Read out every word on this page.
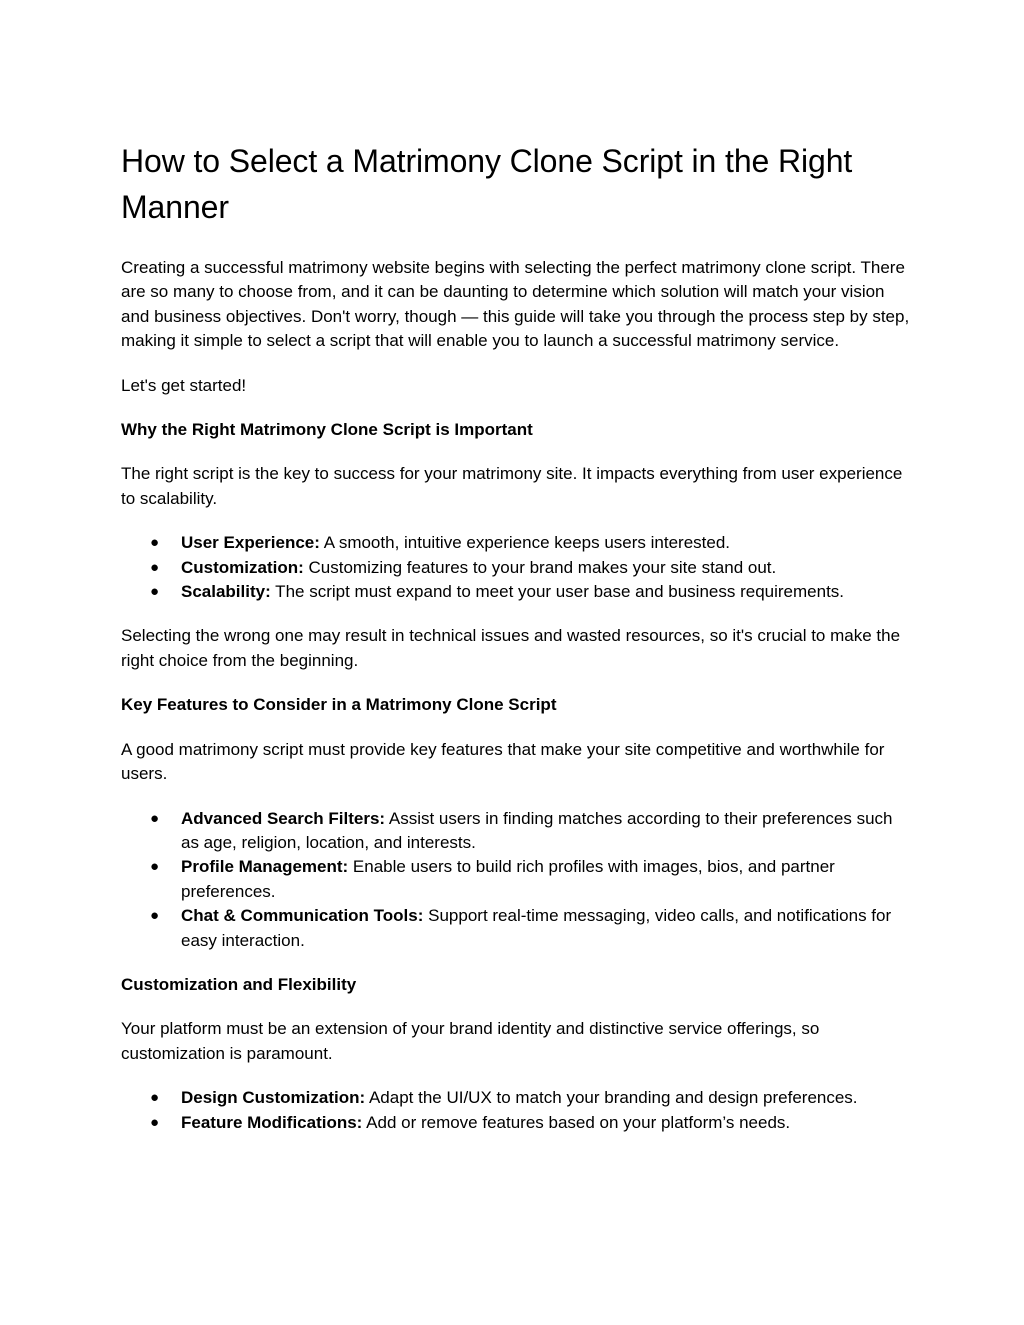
How to Select a Matrimony Clone Script in the Right Manner

Creating a successful matrimony website begins with selecting the perfect matrimony clone script. There are so many to choose from, and it can be daunting to determine which solution will match your vision and business objectives. Don't worry, though — this guide will take you through the process step by step, making it simple to select a script that will enable you to launch a successful matrimony service.

Let's get started!

Why the Right Matrimony Clone Script is Important

The right script is the key to success for your matrimony site. It impacts everything from user experience to scalability.

● User Experience: A smooth, intuitive experience keeps users interested.
● Customization: Customizing features to your brand makes your site stand out.
● Scalability: The script must expand to meet your user base and business requirements.

Selecting the wrong one may result in technical issues and wasted resources, so it's crucial to make the right choice from the beginning.

Key Features to Consider in a Matrimony Clone Script

A good matrimony script must provide key features that make your site competitive and worthwhile for users.

● Advanced Search Filters: Assist users in finding matches according to their preferences such as age, religion, location, and interests.
● Profile Management: Enable users to build rich profiles with images, bios, and partner preferences.
● Chat & Communication Tools: Support real-time messaging, video calls, and notifications for easy interaction.

Customization and Flexibility

Your platform must be an extension of your brand identity and distinctive service offerings, so customization is paramount.

● Design Customization: Adapt the UI/UX to match your branding and design preferences.
● Feature Modifications: Add or remove features based on your platform’s needs.
